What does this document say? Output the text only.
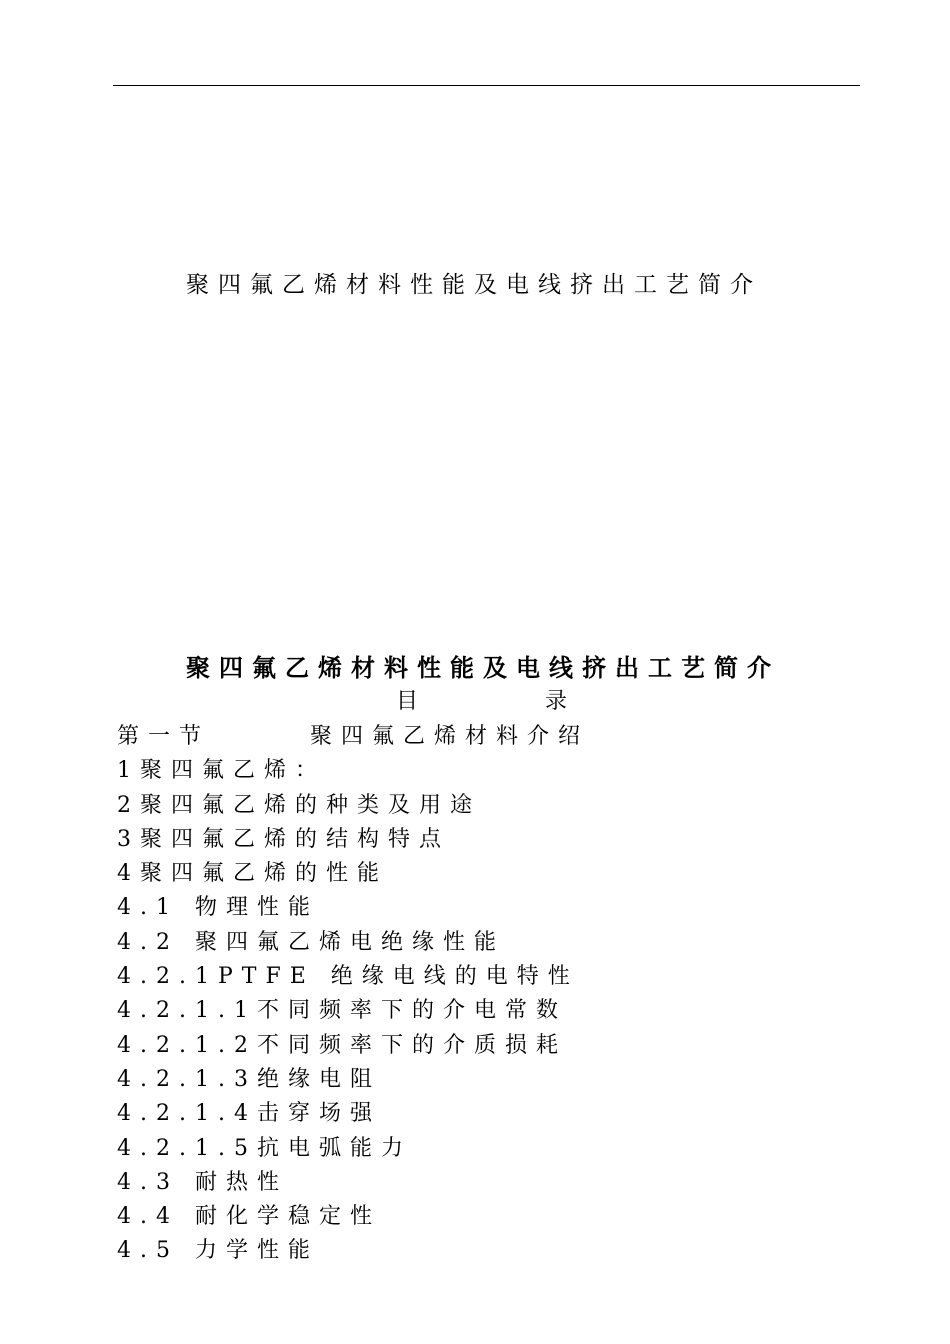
聚四氟乙烯材料性能及电线挤出工艺简介
聚四氟乙烯材料性能及电线挤出工艺简介
目	录
第一节	聚四氟乙烯材料介绍
1聚四氟乙烯：
2聚四氟乙烯的种类及用途
3聚四氟乙烯的结构特点
4聚四氟乙烯的性能
4.1 物理性能
4.2 聚四氟乙烯电绝缘性能
4.2.1PTFE 绝缘电线的电特性
4.2.1.1不同频率下的介电常数
4.2.1.2不同频率下的介质损耗
4.2.1.3绝缘电阻
4.2.1.4击穿场强
4.2.1.5抗电弧能力
4.3 耐热性
4.4 耐化学稳定性
4.5 力学性能
